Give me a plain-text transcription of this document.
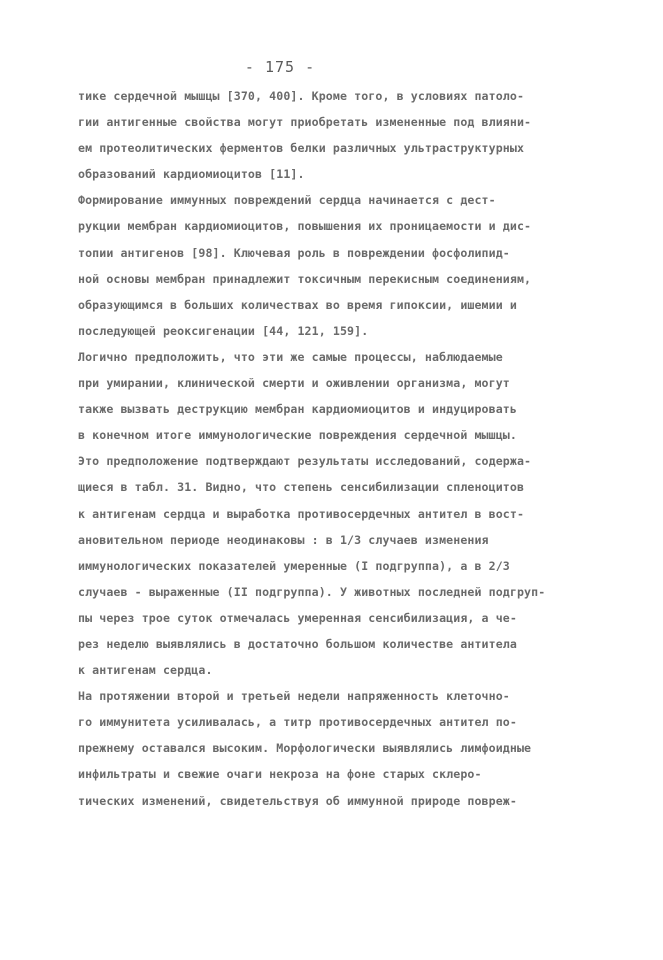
- 175 -
тике сердечной мышцы [370, 400]. Кроме того, в условиях патоло-
гии антигенные свойства могут приобретать измененные под влияни-
ем протеолитических ферментов белки различных ультраструктурных
образований кардиомиоцитов [11].
Формирование иммунных повреждений сердца начинается с дест-
рукции мембран кардиомиоцитов, повышения их проницаемости и дис-
топии антигенов [98]. Ключевая роль в повреждении фосфолипид-
ной основы мембран принадлежит токсичным перекисным соединениям,
образующимся в больших количествах во время гипоксии, ишемии и
последующей реоксигенации [44, 121, 159].
Логично предположить, что эти же самые процессы, наблюдаемые
при умирании, клинической смерти и оживлении организма, могут
также вызвать деструкцию мембран кардиомиоцитов и индуцировать
в конечном итоге иммунологические повреждения сердечной мышцы.
Это предположение подтверждают результаты исследований, содержа-
щиеся в табл. 31. Видно, что степень сенсибилизации спленоцитов
к антигенам сердца и выработка противосердечных антител в вост-
ановительном периоде неодинаковы : в 1/3 случаев изменения
иммунологических показателей умеренные (I подгруппа), а в 2/3
случаев - выраженные (II подгруппа). У животных последней подгруп-
пы через трое суток отмечалась умеренная сенсибилизация, а че-
рез неделю выявлялись в достаточно большом количестве антитела
к антигенам сердца.
На протяжении второй и третьей недели напряженность клеточно-
го иммунитета усиливалась, а титр противосердечных антител по-
прежнему оставался высоким. Морфологически выявлялись лимфоидные
инфильтраты и свежие очаги некроза на фоне старых склеро-
тических изменений, свидетельствуя об иммунной природе повреж-
